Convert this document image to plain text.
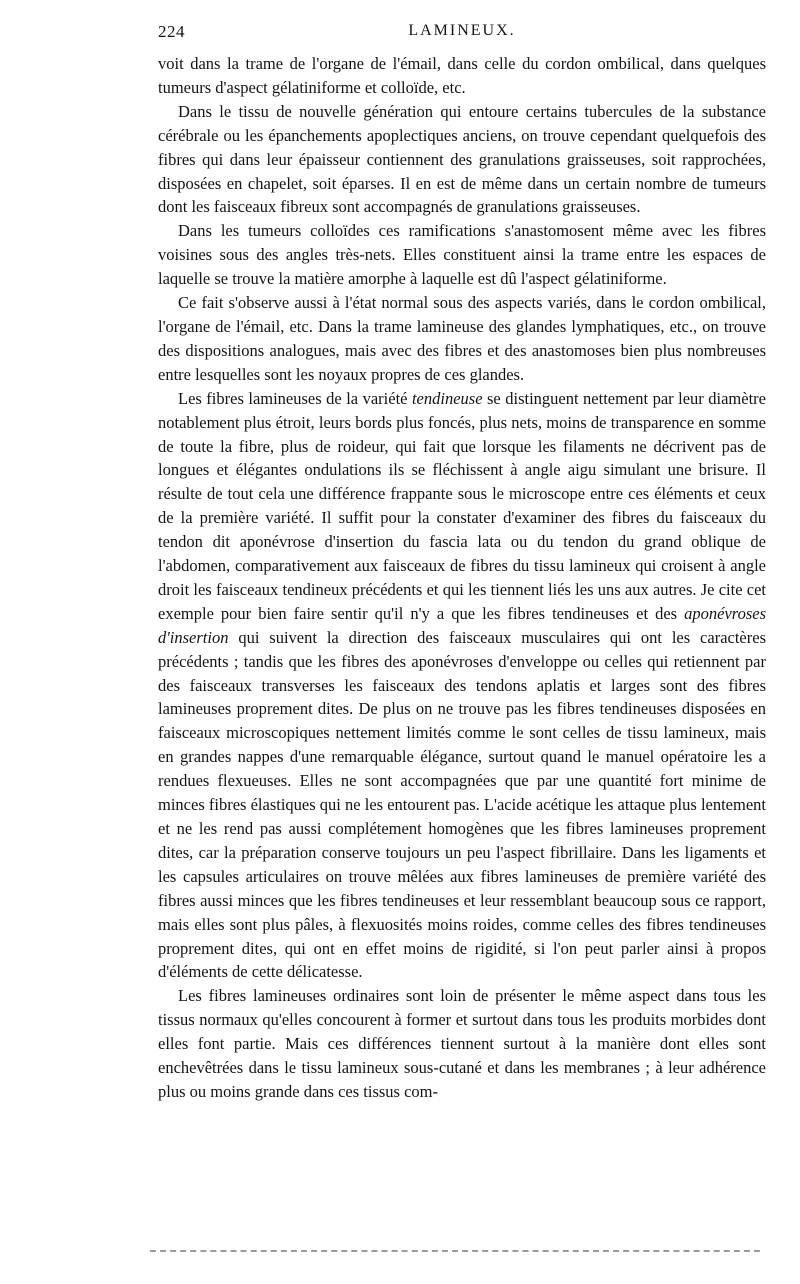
224	LAMINEUX.

voit dans la trame de l'organe de l'émail, dans celle du cordon ombilical, dans quelques tumeurs d'aspect gélatiniforme et colloïde, etc.

Dans le tissu de nouvelle génération qui entoure certains tubercules de la substance cérébrale ou les épanchements apoplectiques anciens, on trouve cependant quelquefois des fibres qui dans leur épaisseur contiennent des granulations graisseuses, soit rapprochées, disposées en chapelet, soit éparses. Il en est de même dans un certain nombre de tumeurs dont les faisceaux fibreux sont accompagnés de granulations graisseuses.

Dans les tumeurs colloïdes ces ramifications s'anastomosent même avec les fibres voisines sous des angles très-nets. Elles constituent ainsi la trame entre les espaces de laquelle se trouve la matière amorphe à laquelle est dû l'aspect gélatiniforme.

Ce fait s'observe aussi à l'état normal sous des aspects variés, dans le cordon ombilical, l'organe de l'émail, etc. Dans la trame lamineuse des glandes lymphatiques, etc., on trouve des dispositions analogues, mais avec des fibres et des anastomoses bien plus nombreuses entre lesquelles sont les noyaux propres de ces glandes.

Les fibres lamineuses de la variété tendineuse se distinguent nettement par leur diamètre notablement plus étroit, leurs bords plus foncés, plus nets, moins de transparence en somme de toute la fibre, plus de roideur, qui fait que lorsque les filaments ne décrivent pas de longues et élégantes ondulations ils se fléchissent à angle aigu simulant une brisure. Il résulte de tout cela une différence frappante sous le microscope entre ces éléments et ceux de la première variété. Il suffit pour la constater d'examiner des fibres du faisceaux du tendon dit aponévrose d'insertion du fascia lata ou du tendon du grand oblique de l'abdomen, comparativement aux faisceaux de fibres du tissu lamineux qui croisent à angle droit les faisceaux tendineux précédents et qui les tiennent liés les uns aux autres. Je cite cet exemple pour bien faire sentir qu'il n'y a que les fibres tendineuses et des aponévroses d'insertion qui suivent la direction des faisceaux musculaires qui ont les caractères précédents ; tandis que les fibres des aponévroses d'enveloppe ou celles qui retiennent par des faisceaux transverses les faisceaux des tendons aplatis et larges sont des fibres lamineuses proprement dites. De plus on ne trouve pas les fibres tendineuses disposées en faisceaux microscopiques nettement limités comme le sont celles de tissu lamineux, mais en grandes nappes d'une remarquable élégance, surtout quand le manuel opératoire les a rendues flexueuses. Elles ne sont accompagnées que par une quantité fort minime de minces fibres élastiques qui ne les entourent pas. L'acide acétique les attaque plus lentement et ne les rend pas aussi complétement homogènes que les fibres lamineuses proprement dites, car la préparation conserve toujours un peu l'aspect fibrillaire. Dans les ligaments et les capsules articulaires on trouve mêlées aux fibres lamineuses de première variété des fibres aussi minces que les fibres tendineuses et leur ressemblant beaucoup sous ce rapport, mais elles sont plus pâles, à flexuosités moins roides, comme celles des fibres tendineuses proprement dites, qui ont en effet moins de rigidité, si l'on peut parler ainsi à propos d'éléments de cette délicatesse.

Les fibres lamineuses ordinaires sont loin de présenter le même aspect dans tous les tissus normaux qu'elles concourent à former et surtout dans tous les produits morbides dont elles font partie. Mais ces différences tiennent surtout à la manière dont elles sont enchevêtrées dans le tissu lamineux sous-cutané et dans les membranes ; à leur adhérence plus ou moins grande dans ces tissus com-
